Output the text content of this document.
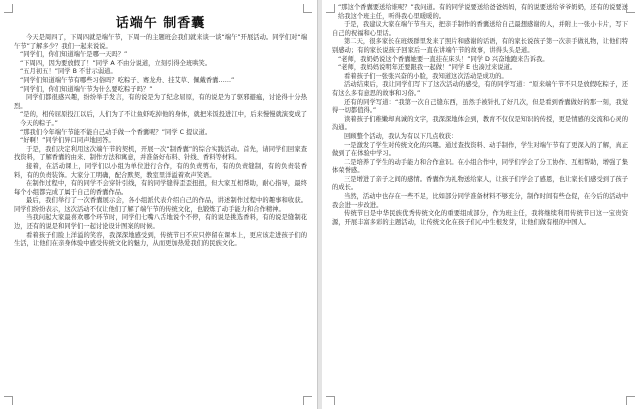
话端午 制香囊

今天是周四了，下周四就是端午节，下周一的主题班会我们就来谈一谈“端午”开展活动。同学们对“端午节”了解多少？我们一起来说说。

“同学们，你们知道端午是哪一天吗？”

“下周四，因为要放假了！”同学 A 不由分说道，立刻引得全班哄笑。

“五月初五！”同学 B 不甘示弱道。

“同学们知道端午节有哪些习俗吗？吃粽子、赛龙舟、挂艾草、佩戴香囊……”

“同学们，你们知道端午节为什么要吃粽子吗？”

同学们都很感兴趣，纷纷举手发言，有的说是为了纪念屈原，有的说是为了驱邪避瘟，讨论得十分热烈。

“是的，相传屈原投江以后，人们为了不让鱼虾吃掉他的身体，就把米饭投进江中，后来慢慢就演变成了今天的粽子。”

“那我们今年端午节能不能自己动手做一个香囊呢？”同学 C 提议道。

“好啊！”同学们异口同声地回答。

于是，我们决定利用这次端午节的契机，开展一次“制香囊”的综合实践活动。首先，请同学们回家查找资料，了解香囊的由来、制作方法和寓意，并准备好布料、针线、香料等材料。

接着，在活动课上，同学们以小组为单位进行合作，有的负责剪布，有的负责缝制，有的负责装香料，有的负责装饰。大家分工明确，配合默契，教室里洋溢着欢声笑语。

在制作过程中，有的同学不会穿针引线，有的同学缝得歪歪扭扭，但大家互相帮助，耐心指导，最终每个小组都完成了属于自己的香囊作品。

最后，我们举行了一次香囊展示会，各小组派代表介绍自己的作品，讲述制作过程中的趣事和收获。同学们纷纷表示，这次活动不仅让他们了解了端午节的传统文化，也锻炼了动手能力和合作精神。

当我问起大家最喜欢哪个环节时，同学们七嘴八舌地说个不停，有的说是挑选香料，有的说是缝制花边，还有的说是和同学们一起讨论设计图案的时候。

看着孩子们脸上洋溢的笑容，我深深地感受到，传统节日不应只停留在课本上，更应该走进孩子们的生活，让他们在亲身体验中感受传统文化的魅力，从而更加热爱我们的民族文化。

“那这个香囊要送给谁呢？”我问道。有的同学说要送给爸爸妈妈，有的说要送给爷爷奶奶，还有的说要送给我这个班主任，听得我心里暖暖的。

于是，我建议大家在端午节当天，把亲手制作的香囊送给自己最想感谢的人，并附上一张小卡片，写下自己的祝福和心里话。

第二天，很多家长在班级群里发来了照片和感谢的话语，有的家长说孩子第一次亲手做礼物，让他们特别感动；有的家长说孩子回家后一直在讲端午节的故事，讲得头头是道。

“老师，我奶奶说这个香囊她要一直挂在床头！”同学 D 兴奋地跑来告诉我。

“老师，我妈妈说明年还要跟我一起做！”同学 E 也凑过来说道。

看着孩子们一张张兴奋的小脸，我知道这次活动是成功的。

活动结束后，我让同学们写下了这次活动的感受，有的同学写道：“原来端午节不只是放假吃粽子，还有这么多有意思的故事和习俗。”

还有的同学写道：“我第一次自己缝东西，虽然手被针扎了好几次，但是看到香囊做好的那一刻，我觉得一切都值得。”

读着孩子们稚嫩却真诚的文字，我深深地体会到，教育不仅仅是知识的传授，更是情感的交流和心灵的沟通。

回顾整个活动，我认为有以下几点收获：

一是激发了学生对传统文化的兴趣。通过查找资料、动手制作，学生对端午节有了更深入的了解，真正做到了在体验中学习。

二是培养了学生的动手能力和合作意识。在小组合作中，同学们学会了分工协作、互相帮助，增强了集体荣誉感。

三是增进了亲子之间的感情。香囊作为礼物送给家人，让孩子们学会了感恩，也让家长们感受到了孩子的成长。

当然，活动中也存在一些不足，比如部分同学准备材料不够充分，制作时间有些仓促，在今后的活动中我会进一步改进。

传统节日是中华民族优秀传统文化的重要组成部分，作为班主任，我将继续利用传统节日这一宝贵资源，开展丰富多彩的主题活动，让传统文化在孩子们心中生根发芽，让他们做有根的中国人。
